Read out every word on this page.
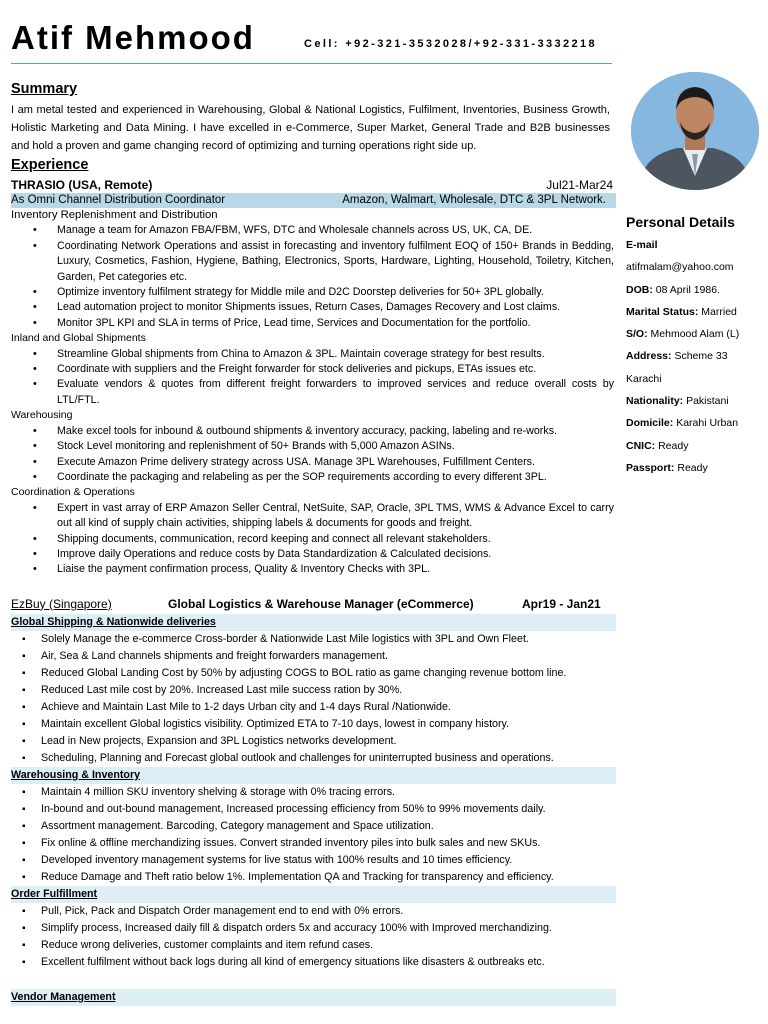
Atif Mehmood	Cell: +92-321-3532028/+92-331-3332218
Summary
I am metal tested and experienced in Warehousing, Global & National Logistics, Fulfilment, Inventories, Business Growth, Holistic Marketing and Data Mining. I have excelled in e-Commerce, Super Market, General Trade and B2B businesses and hold a proven and game changing record of optimizing and turning operations right side up.
Experience
Personal Details
E-mail
atifmalam@yahoo.com
DOB: 08 April 1986.
Marital Status: Married
S/O: Mehmood Alam (L)
Address: Scheme 33
Karachi
Nationality: Pakistani
Domicile: Karahi Urban
CNIC: Ready
Passport: Ready
THRASIO (USA, Remote)	Jul21-Mar24
As Omni Channel Distribution Coordinator	Amazon, Walmart, Wholesale, DTC & 3PL Network.
Inventory Replenishment and Distribution
• Manage a team for Amazon FBA/FBM, WFS, DTC and Wholesale channels across US, UK, CA, DE.
• Coordinating Network Operations and assist in forecasting and inventory fulfilment EOQ of 150+ Brands in Bedding, Luxury, Cosmetics, Fashion, Hygiene, Bathing, Electronics, Sports, Hardware, Lighting, Household, Toiletry, Kitchen, Garden, Pet categories etc.
• Optimize inventory fulfilment strategy for Middle mile and D2C Doorstep deliveries for 50+ 3PL globally.
• Lead automation project to monitor Shipments issues, Return Cases, Damages Recovery and Lost claims.
• Monitor 3PL KPI and SLA in terms of Price, Lead time, Services and Documentation for the portfolio.
Inland and Global Shipments
• Streamline Global shipments from China to Amazon & 3PL. Maintain coverage strategy for best results.
• Coordinate with suppliers and the Freight forwarder for stock deliveries and pickups, ETAs issues etc.
• Evaluate vendors & quotes from different freight forwarders to improved services and reduce overall costs by LTL/FTL.
Warehousing
• Make excel tools for inbound & outbound shipments & inventory accuracy, packing, labeling and re-works.
• Stock Level monitoring and replenishment of 50+ Brands with 5,000 Amazon ASINs.
• Execute Amazon Prime delivery strategy across USA. Manage 3PL Warehouses, Fulfillment Centers.
• Coordinate the packaging and relabeling as per the SOP requirements according to every different 3PL.
Coordination & Operations
• Expert in vast array of ERP Amazon Seller Central, NetSuite, SAP, Oracle, 3PL TMS, WMS & Advance Excel to carry out all kind of supply chain activities, shipping labels & documents for goods and freight.
• Shipping documents, communication, record keeping and connect all relevant stakeholders.
• Improve daily Operations and reduce costs by Data Standardization & Calculated decisions.
• Liaise the payment confirmation process, Quality & Inventory Checks with 3PL.
EzBuy (Singapore)	Global Logistics & Warehouse Manager (eCommerce)	Apr19 - Jan21
Global Shipping & Nationwide deliveries
▪ Solely Manage the e-commerce Cross-border & Nationwide Last Mile logistics with 3PL and Own Fleet.
▪ Air, Sea & Land channels shipments and freight forwarders management.
▪ Reduced Global Landing Cost by 50% by adjusting COGS to BOL ratio as game changing revenue bottom line.
▪ Reduced Last mile cost by 20%. Increased Last mile success ration by 30%.
▪ Achieve and Maintain Last Mile to 1-2 days Urban city and 1-4 days Rural /Nationwide.
▪ Maintain excellent Global logistics visibility. Optimized ETA to 7-10 days, lowest in company history.
▪ Lead in New projects, Expansion and 3PL Logistics networks development.
▪ Scheduling, Planning and Forecast global outlook and challenges for uninterrupted business and operations.
Warehousing & Inventory
▪ Maintain 4 million SKU inventory shelving & storage with 0% tracing errors.
▪ In-bound and out-bound management, Increased processing efficiency from 50% to 99% movements daily.
▪ Assortment management. Barcoding, Category management and Space utilization.
▪ Fix online & offline merchandizing issues. Convert stranded inventory piles into bulk sales and new SKUs.
▪ Developed inventory management systems for live status with 100% results and 10 times efficiency.
▪ Reduce Damage and Theft ratio below 1%. Implementation QA and Tracking for transparency and efficiency.
Order Fulfillment
▪ Pull, Pick, Pack and Dispatch Order management end to end with 0% errors.
▪ Simplify process, Increased daily fill & dispatch orders 5x and accuracy 100% with Improved merchandizing.
▪ Reduce wrong deliveries, customer complaints and item refund cases.
▪ Excellent fulfilment without back logs during all kind of emergency situations like disasters & outbreaks etc.
Vendor Management
